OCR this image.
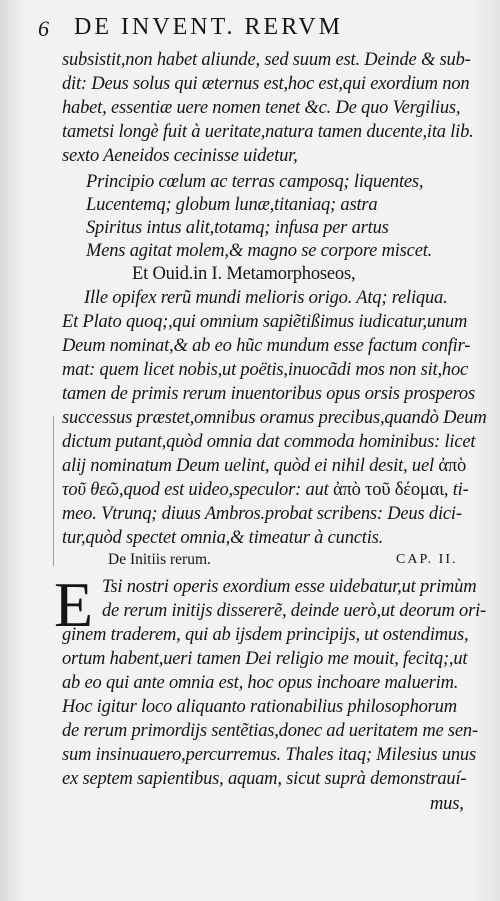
6 DE INVENT. RERVM
subsistit,non habet aliunde, sed suum est. Deinde & sub-
dit: Deus solus qui æternus est,hoc est,qui exordium non
habet, essentiæ uere nomen tenet &c. De quo Vergilius,
tametsi longè fuit à ueritate,natura tamen ducente,ita lib.
sexto Aeneidos cecinisse uidetur,
Principio cœlum ac terras camposq; liquentes,
Lucentemq; globum lunæ,titaniaq; astra
Spiritus intus alit,totamq; infusa per artus
Mens agitat molem,& magno se corpore miscet.
Et Ouid.in I. Metamorphoseos,
Ille opifex rerũ mundi melioris origo. Atq; reliqua.
Et Plato quoq;,qui omnium sapiẽtißimus iudicatur,unum
Deum nominat,& ab eo hũc mundum esse factum confir-
mat: quem licet nobis,ut poëtis,inuocãdi mos non sit,hoc
tamen de primis rerum inuentoribus opus orsis prosperos
successus præstet,omnibus oramus precibus,quandò Deum
dictum putant,quòd omnia dat commoda hominibus: licet
alij nominatum Deum uelint, quòd ei nihil desit, uel ἀπὸ
τοῦ θεῶ,quod est uideo,speculor: aut ἀπὸ τοῦ δέομαι, ti-
meo. Vtrunq; diuus Ambros.probat scribens: Deus dici-
tur,quòd spectet omnia,& timeatur à cunctis.
De Initiis rerum.	CAP. II.
E Tsi nostri operis exordium esse uidebatur,ut primùm
de rerum initijs dissererẽ, deinde uerò,ut deorum ori-
ginem traderem, qui ab ijsdem principijs, ut ostendimus,
ortum habent,ueri tamen Dei religio me mouit, fecitq;,ut
ab eo qui ante omnia est, hoc opus inchoare maluerim.
Hoc igitur loco aliquanto rationabilius philosophorum
de rerum primordijs sentẽtias,donec ad ueritatem me sen-
sum insinuauero,percurremus. Thales itaq; Milesius unus
ex septem sapientibus, aquam, sicut suprà demonstrauí-
mus,
